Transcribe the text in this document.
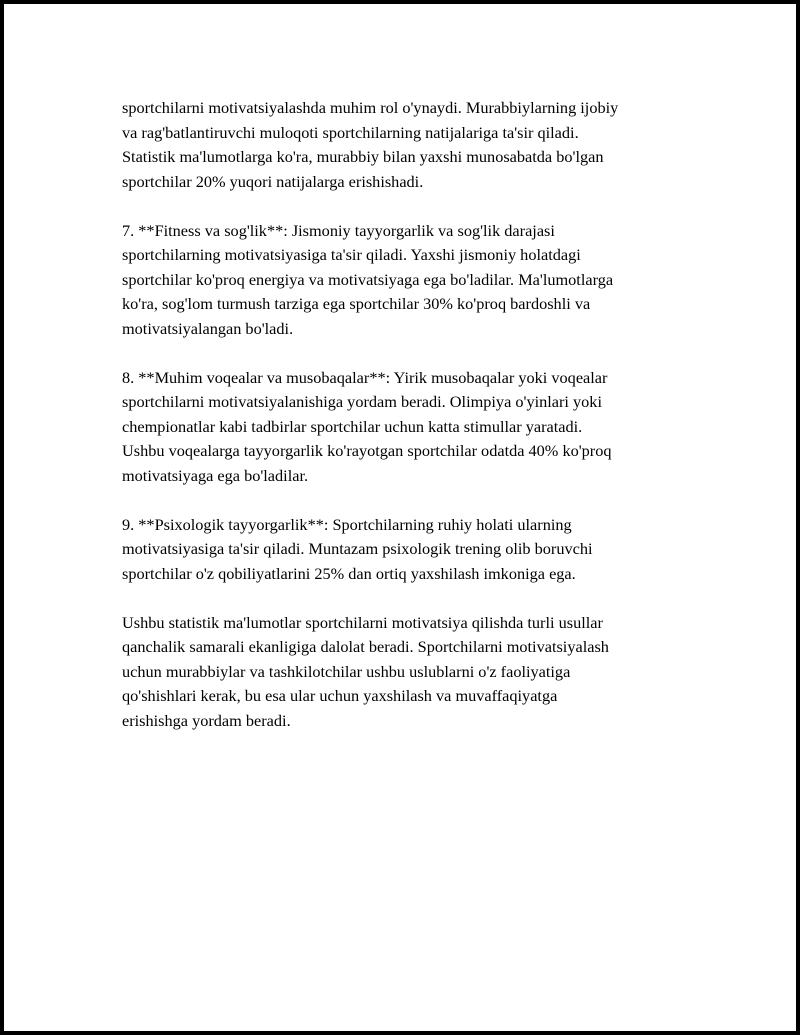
sportchilarni motivatsiyalashda muhim rol o'ynaydi. Murabbiylarning ijobiy
va rag'batlantiruvchi muloqoti sportchilarning natijalariga ta'sir qiladi.
Statistik ma'lumotlarga ko'ra, murabbiy bilan yaxshi munosabatda bo'lgan
sportchilar 20% yuqori natijalarga erishishadi.

7. **Fitness va sog'lik**: Jismoniy tayyorgarlik va sog'lik darajasi
sportchilarning motivatsiyasiga ta'sir qiladi. Yaxshi jismoniy holatdagi
sportchilar ko'proq energiya va motivatsiyaga ega bo'ladilar. Ma'lumotlarga
ko'ra, sog'lom turmush tarziga ega sportchilar 30% ko'proq bardoshli va
motivatsiyalangan bo'ladi.

8. **Muhim voqealar va musobaqalar**: Yirik musobaqalar yoki voqealar
sportchilarni motivatsiyalanishiga yordam beradi. Olimpiya o'yinlari yoki
chempionatlar kabi tadbirlar sportchilar uchun katta stimullar yaratadi.
Ushbu voqealarga tayyorgarlik ko'rayotgan sportchilar odatda 40% ko'proq
motivatsiyaga ega bo'ladilar.

9. **Psixologik tayyorgarlik**: Sportchilarning ruhiy holati ularning
motivatsiyasiga ta'sir qiladi. Muntazam psixologik trening olib boruvchi
sportchilar o'z qobiliyatlarini 25% dan ortiq yaxshilash imkoniga ega.

Ushbu statistik ma'lumotlar sportchilarni motivatsiya qilishda turli usullar
qanchalik samarali ekanligiga dalolat beradi. Sportchilarni motivatsiyalash
uchun murabbiylar va tashkilotchilar ushbu uslublarni o'z faoliyatiga
qo'shishlari kerak, bu esa ular uchun yaxshilash va muvaffaqiyatga
erishishga yordam beradi.
